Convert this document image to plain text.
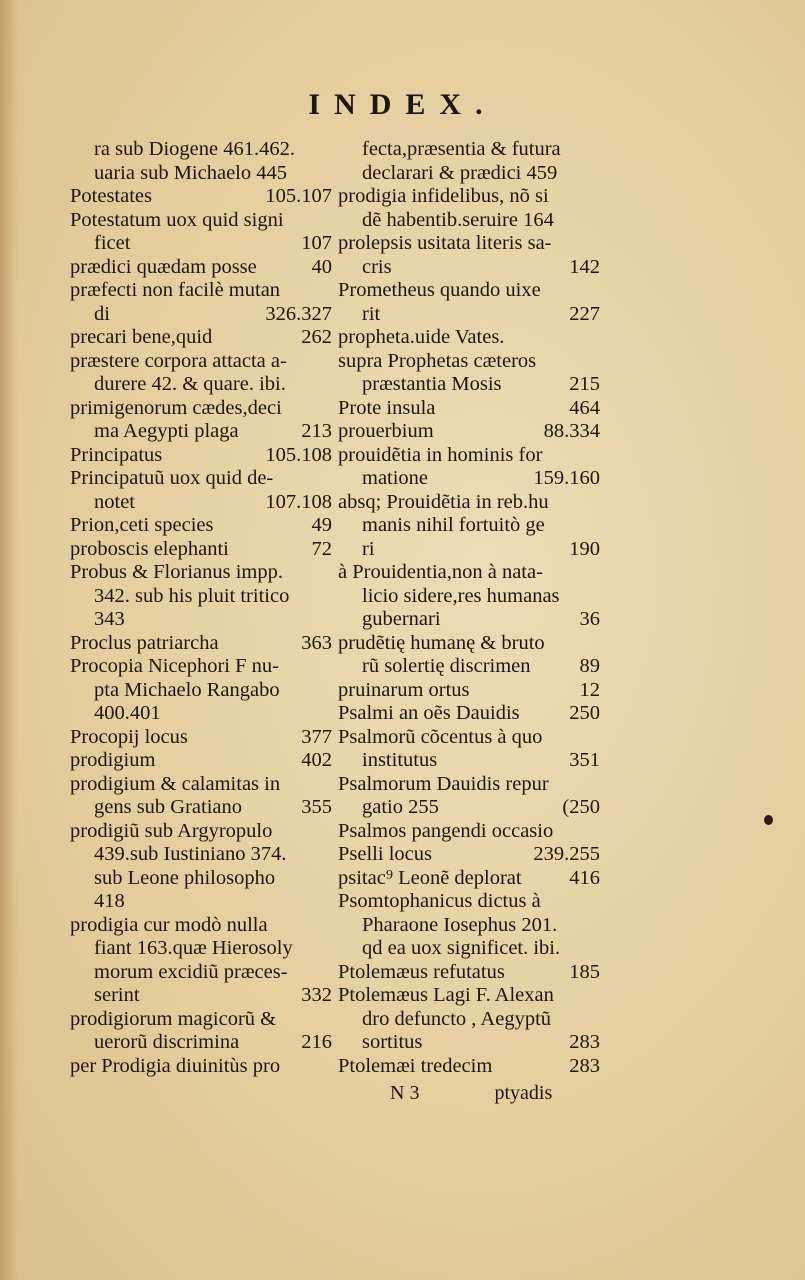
INDEX.
ra sub Diogene 461.462.
uaria sub Michaelo 445
Potestates	105.107
Potestatum uox quid signi
ficet	107
prædici quædam posse	40
præfecti non facilè mutan
di	326.327
precari bene,quid	262
præstere corpora attacta a-
durere 42. & quare. ibi.
primigenorum cædes,deci
ma Aegypti plaga	213
Principatus	105.108
Principatuũ uox quid de-
notet	107.108
Prion,ceti species	49
proboscis elephanti	72
Probus & Florianus impp.
342. sub his pluit tritico
343
Proclus patriarcha	363
Procopia Nicephori F nu-
pta Michaelo Rangabo
400.401
Procopij locus	377
prodigium	402
prodigium & calamitas in
gens sub Gratiano	355
prodigiũ sub Argyropulo
439.sub Iustiniano 374.
sub Leone philosopho
418
prodigia cur modò nulla
fiant 163.quæ Hierosoly
morum excidiũ præces-
serint	332
prodigiorum magicorũ &
uerorũ discrimina	216
per Prodigia diuinitùs pro
fecta,præsentia & futura
declarari & prædici 459
prodigia infidelibus, nõ si
dẽ habentib.seruire 164
prolepsis usitata literis sa-
cris	142
Prometheus quando uixe
rit	227
propheta.uide Vates.
supra Prophetas cæteros
præstantia Mosis	215
Prote insula	464
prouerbium	88.334
prouidẽtia in hominis for
matione	159.160
absq; Prouidẽtia in reb.hu
manis nihil fortuitò ge
ri	190
à Prouidentia,non à nata-
licio sidere,res humanas
gubernari	36
prudẽtię humanę & bruto
rũ solertię discrimen 89
pruinarum ortus	12
Psalmi an oẽs Dauidis 250
Psalmorũ cõcentus à quo
institutus	351
Psalmorum Dauidis repur
gatio 255	(250
Psalmos pangendi occasio
Pselli locus	239.255
psitac⁹ Leonẽ deplorat 416
Psomtophanicus dictus à
Pharaone Iosephus 201.
qd ea uox significet. ibi.
Ptolemæus refutatus	185
Ptolemæus Lagi F. Alexan
dro defuncto , Aegyptũ
sortitus	283
Ptolemæi tredecim	283
N 3	ptyadis
